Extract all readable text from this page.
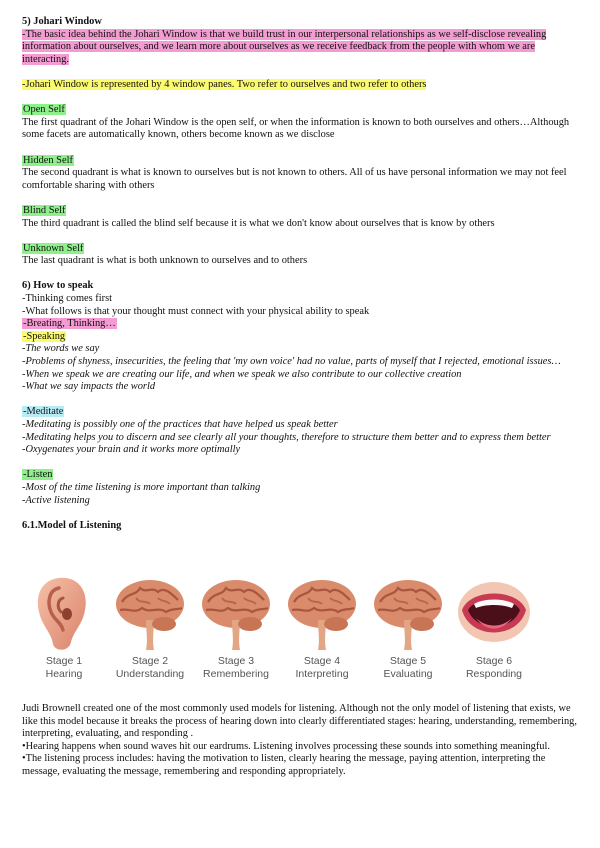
5) Johari Window

-The basic idea behind the Johari Window is that we build trust in our interpersonal relationships as we self-disclose revealing information about ourselves, and we learn more about ourselves as we receive feedback from the people with whom we are interacting.

-Johari Window is represented by 4 window panes. Two refer to ourselves and two refer to others

Open Self

The first quadrant of the Johari Window is the open self, or when the information is known to both ourselves and others…Although some facets are automatically known, others become known as we disclose

Hidden Self

The second quadrant is what is known to ourselves but is not known to others. All of us have personal information we may not feel comfortable sharing with others

Blind Self

The third quadrant is called the blind self because it is what we don't know about ourselves that is know by others

Unknown Self

The last quadrant is what is both unknown to ourselves and to others

6) How to speak

-Thinking comes first

-What follows is that your thought must connect with your physical ability to speak

-Breating, Thinking…

-Speaking

-The words we say

-Problems of shyness, insecurities, the feeling that 'my own voice' had no value, parts of myself that I rejected, emotional issues…

-When we speak we are creating our life, and when we speak we also contribute to our collective creation

-What we say impacts the world

-Meditate

-Meditating is possibly one of the practices that have helped us speak better

-Meditating helps you to discern and see clearly all your thoughts, therefore to structure them better and to express them better

-Oxygenates your brain and it works more optimally

-Listen

-Most of the time listening is more important than talking

-Active listening

6.1.Model of Listening

Stage 1
Hearing
Stage 2
Understanding
Stage 3
Remembering
Stage 4
Interpreting
Stage 5
Evaluating
Stage 6
Responding

Judi Brownell created one of the most commonly used models for listening. Although not the only model of listening that exists, we like this model because it breaks the process of hearing down into clearly differentiated stages: hearing, understanding, remembering, interpreting, evaluating, and responding .

•Hearing happens when sound waves hit our eardrums. Listening involves processing these sounds into something meaningful.

•The listening process includes: having the motivation to listen, clearly hearing the message, paying attention, interpreting the message, evaluating the message, remembering and responding appropriately.
